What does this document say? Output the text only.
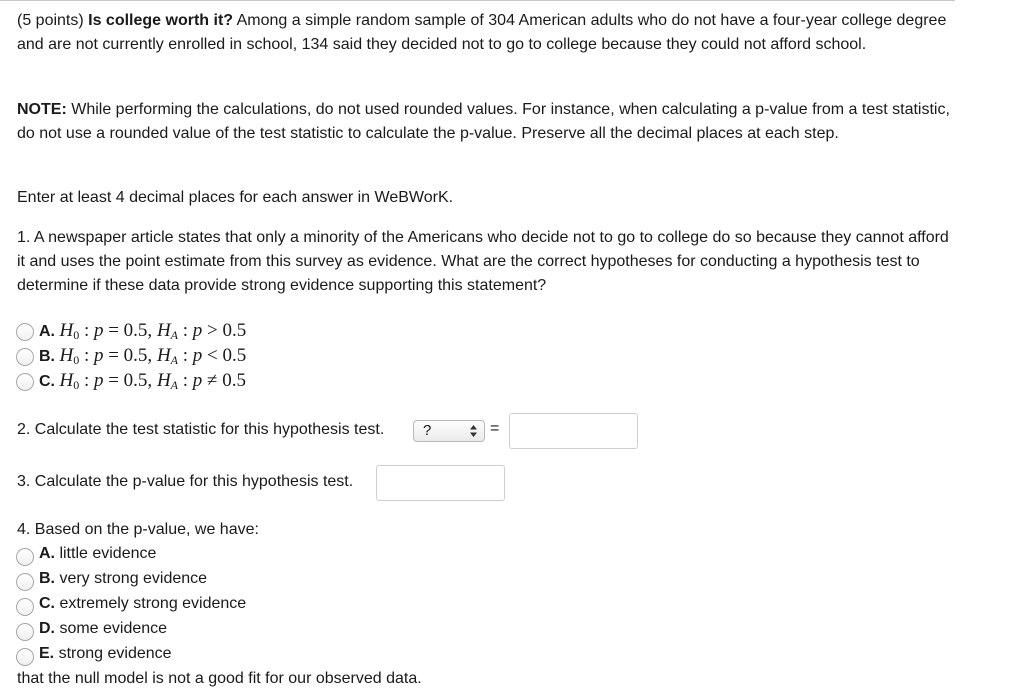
(5 points) Is college worth it? Among a simple random sample of 304 American adults who do not have a four-year college degree and are not currently enrolled in school, 134 said they decided not to go to college because they could not afford school.
NOTE: While performing the calculations, do not used rounded values. For instance, when calculating a p-value from a test statistic, do not use a rounded value of the test statistic to calculate the p-value. Preserve all the decimal places at each step.
Enter at least 4 decimal places for each answer in WeBWorK.
1. A newspaper article states that only a minority of the Americans who decide not to go to college do so because they cannot afford it and uses the point estimate from this survey as evidence. What are the correct hypotheses for conducting a hypothesis test to determine if these data provide strong evidence supporting this statement?
A. $H_0$ : p = 0.5, $H_A$ : p > 0.5
B. $H_0$ : p = 0.5, $H_A$ : p < 0.5
C. $H_0$ : p = 0.5, $H_A$ : p ≠ 0.5
2. Calculate the test statistic for this hypothesis test.	?	=
3. Calculate the p-value for this hypothesis test.
4. Based on the p-value, we have:
A. little evidence
B. very strong evidence
C. extremely strong evidence
D. some evidence
E. strong evidence
that the null model is not a good fit for our observed data.
